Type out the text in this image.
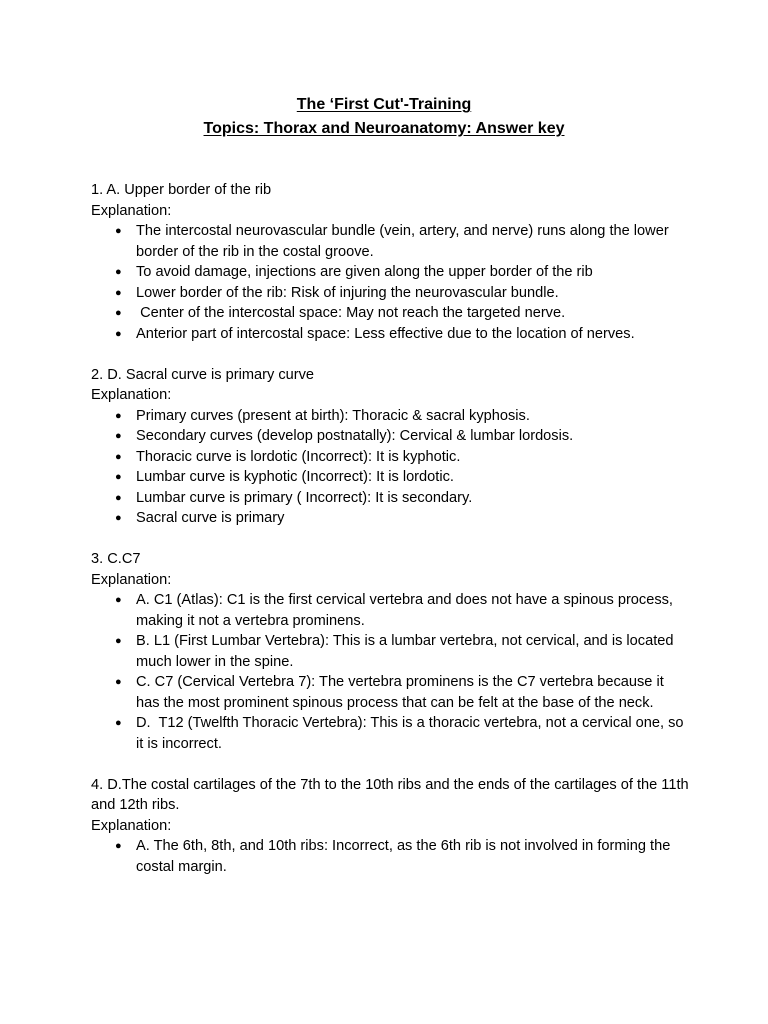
The ‘First Cut'-Training
Topics: Thorax and Neuroanatomy: Answer key

1. A. Upper border of the rib

Explanation:

● The intercostal neurovascular bundle (vein, artery, and nerve) runs along the lower border of the rib in the costal groove.
● To avoid damage, injections are given along the upper border of the rib
● Lower border of the rib: Risk of injuring the neurovascular bundle.
● Center of the intercostal space: May not reach the targeted nerve.
● Anterior part of intercostal space: Less effective due to the location of nerves.

2. D. Sacral curve is primary curve

Explanation:

● Primary curves (present at birth): Thoracic & sacral kyphosis.
● Secondary curves (develop postnatally): Cervical & lumbar lordosis.
● Thoracic curve is lordotic (Incorrect): It is kyphotic.
● Lumbar curve is kyphotic (Incorrect): It is lordotic.
● Lumbar curve is primary ( Incorrect): It is secondary.
● Sacral curve is primary

3. C.C7

Explanation:

● A. C1 (Atlas): C1 is the first cervical vertebra and does not have a spinous process, making it not a vertebra prominens.
● B. L1 (First Lumbar Vertebra): This is a lumbar vertebra, not cervical, and is located much lower in the spine.
● C. C7 (Cervical Vertebra 7): The vertebra prominens is the C7 vertebra because it has the most prominent spinous process that can be felt at the base of the neck.
● D.  T12 (Twelfth Thoracic Vertebra): This is a thoracic vertebra, not a cervical one, so it is incorrect.

4. D.The costal cartilages of the 7th to the 10th ribs and the ends of the cartilages of the 11th and 12th ribs.

Explanation:

● A. The 6th, 8th, and 10th ribs: Incorrect, as the 6th rib is not involved in forming the costal margin.
